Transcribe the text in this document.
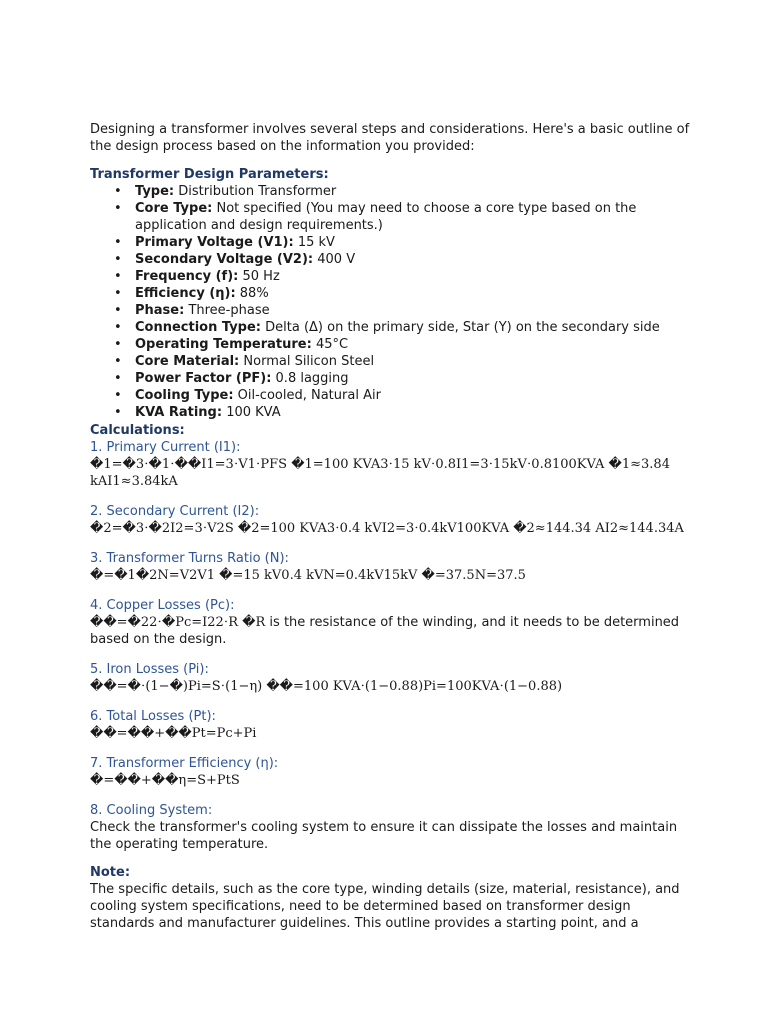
Designing a transformer involves several steps and considerations. Here's a basic outline of the design process based on the information you provided:

Transformer Design Parameters:

• Type: Distribution Transformer
• Core Type: Not specified (You may need to choose a core type based on the application and design requirements.)
• Primary Voltage (V1): 15 kV
• Secondary Voltage (V2): 400 V
• Frequency (f): 50 Hz
• Efficiency (η): 88%
• Phase: Three-phase
• Connection Type: Delta (Δ) on the primary side, Star (Y) on the secondary side
• Operating Temperature: 45°C
• Core Material: Normal Silicon Steel
• Power Factor (PF): 0.8 lagging
• Cooling Type: Oil-cooled, Natural Air
• KVA Rating: 100 KVA

Calculations:

1. Primary Current (I1):

�1=�3⋅�1⋅��I1=3⋅V1⋅PFS �1=100 KVA3⋅15 kV⋅0.8I1=3⋅15kV⋅0.8100KVA �1≈3.84 kAI1≈3.84kA

2. Secondary Current (I2):

�2=�3⋅�2I2=3⋅V2S �2=100 KVA3⋅0.4 kVI2=3⋅0.4kV100KVA �2≈144.34 AI2≈144.34A

3. Transformer Turns Ratio (N):

�=�1�2N=V2V1 �=15 kV0.4 kVN=0.4kV15kV �=37.5N=37.5

4. Copper Losses (Pc):

��=�22⋅�Pc=I22⋅R �R is the resistance of the winding, and it needs to be determined based on the design.

5. Iron Losses (Pi):

��=�⋅(1−�)Pi=S⋅(1−η) ��=100 KVA⋅(1−0.88)Pi=100KVA⋅(1−0.88)

6. Total Losses (Pt):

��=��+��Pt=Pc+Pi

7. Transformer Efficiency (η):

�=��+��η=S+PtS

8. Cooling System:

Check the transformer's cooling system to ensure it can dissipate the losses and maintain the operating temperature.

Note:

The specific details, such as the core type, winding details (size, material, resistance), and cooling system specifications, need to be determined based on transformer design standards and manufacturer guidelines. This outline provides a starting point, and a
